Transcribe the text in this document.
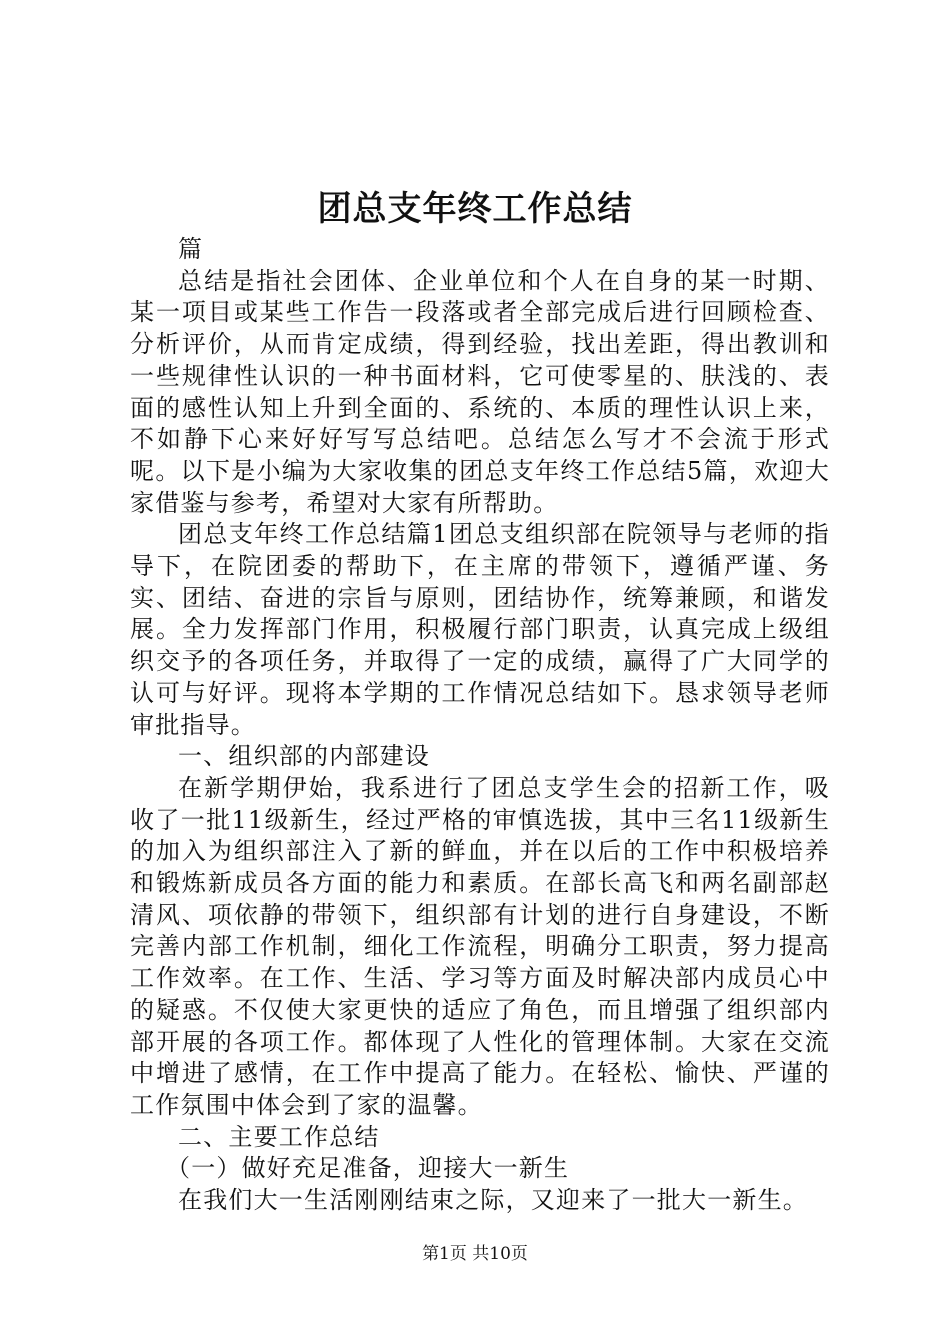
团总支年终工作总结

篇

总结是指社会团体、企业单位和个人在自身的某一时期、某一项目或某些工作告一段落或者全部完成后进行回顾检查、分析评价，从而肯定成绩，得到经验，找出差距，得出教训和一些规律性认识的一种书面材料，它可使零星的、肤浅的、表面的感性认知上升到全面的、系统的、本质的理性认识上来，不如静下心来好好写写总结吧。总结怎么写才不会流于形式呢。以下是小编为大家收集的团总支年终工作总结5篇，欢迎大家借鉴与参考，希望对大家有所帮助。

团总支年终工作总结篇1团总支组织部在院领导与老师的指导下，在院团委的帮助下，在主席的带领下，遵循严谨、务实、团结、奋进的宗旨与原则，团结协作，统筹兼顾，和谐发展。全力发挥部门作用，积极履行部门职责，认真完成上级组织交予的各项任务，并取得了一定的成绩，赢得了广大同学的认可与好评。现将本学期的工作情况总结如下。恳求领导老师审批指导。

一、组织部的内部建设

在新学期伊始，我系进行了团总支学生会的招新工作，吸收了一批11级新生，经过严格的审慎选拔，其中三名11级新生的加入为组织部注入了新的鲜血，并在以后的工作中积极培养和锻炼新成员各方面的能力和素质。在部长高飞和两名副部赵清风、项依静的带领下，组织部有计划的进行自身建设，不断完善内部工作机制，细化工作流程，明确分工职责，努力提高工作效率。在工作、生活、学习等方面及时解决部内成员心中的疑惑。不仅使大家更快的适应了角色，而且增强了组织部内部开展的各项工作。都体现了人性化的管理体制。大家在交流中增进了感情，在工作中提高了能力。在轻松、愉快、严谨的工作氛围中体会到了家的温馨。

二、主要工作总结

（一）做好充足准备，迎接大一新生

在我们大一生活刚刚结束之际，又迎来了一批大一新生。

第1页 共10页
